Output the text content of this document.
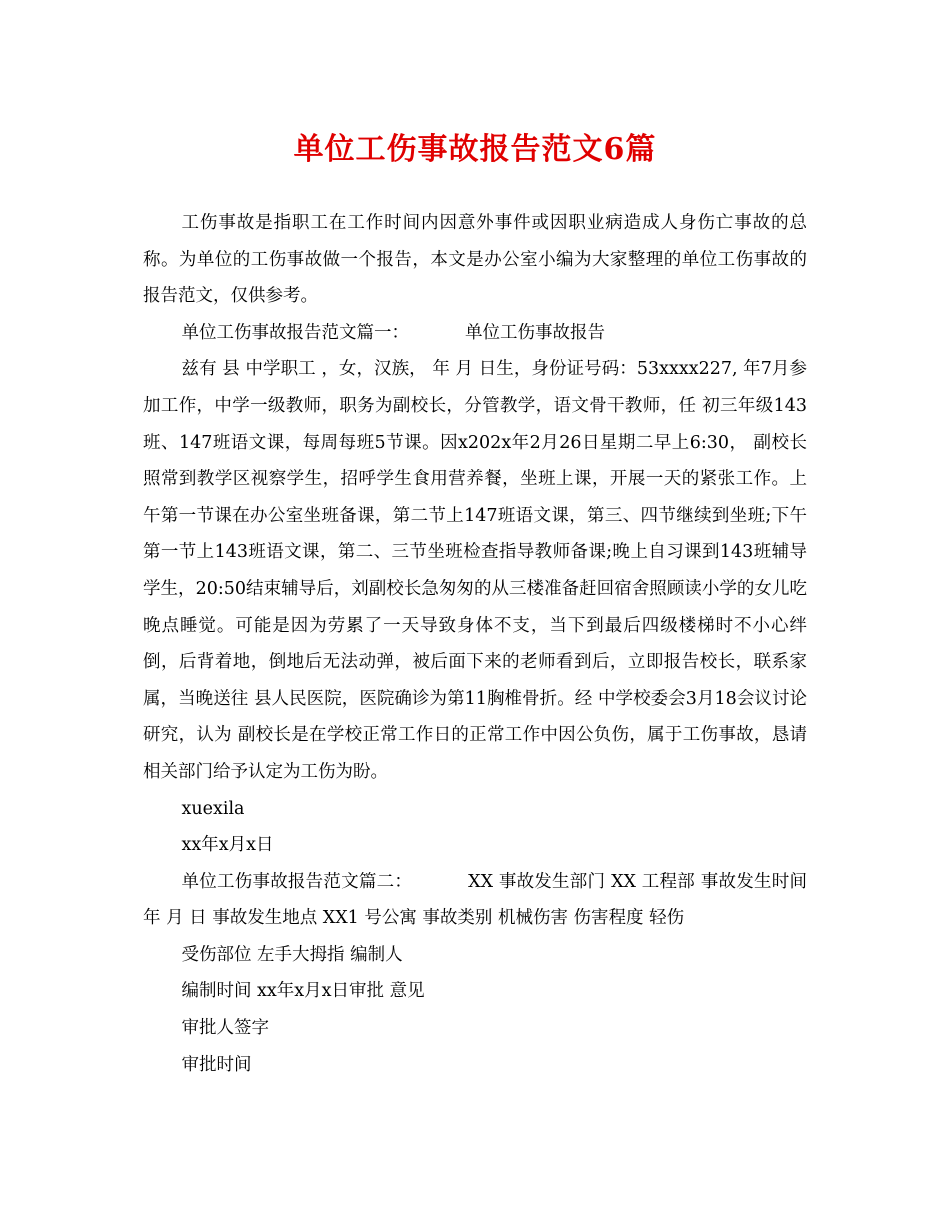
单位工伤事故报告范文6篇

工伤事故是指职工在工作时间内因意外事件或因职业病造成人身伤亡事故的总称。为单位的工伤事故做一个报告，本文是办公室小编为大家整理的单位工伤事故的报告范文，仅供参考。

单位工伤事故报告范文篇一：	单位工伤事故报告

兹有 县 中学职工 ，女，汉族， 年 月 日生，身份证号码：53xxxx227, 年7月参加工作，中学一级教师，职务为副校长，分管教学，语文骨干教师，任 初三年级143班、147班语文课，每周每班5节课。因x202x年2月26日星期二早上6:30， 副校长照常到教学区视察学生，招呼学生食用营养餐，坐班上课，开展一天的紧张工作。上午第一节课在办公室坐班备课，第二节上147班语文课，第三、四节继续到坐班;下午第一节上143班语文课，第二、三节坐班检查指导教师备课;晚上自习课到143班辅导学生，20:50结束辅导后，刘副校长急匆匆的从三楼准备赶回宿舍照顾读小学的女儿吃晚点睡觉。可能是因为劳累了一天导致身体不支，当下到最后四级楼梯时不小心绊倒，后背着地，倒地后无法动弹，被后面下来的老师看到后，立即报告校长，联系家属，当晚送往 县人民医院，医院确诊为第11胸椎骨折。经 中学校委会3月18会议讨论研究，认为 副校长是在学校正常工作日的正常工作中因公负伤，属于工伤事故，恳请相关部门给予认定为工伤为盼。

xuexila

xx年x月x日

单位工伤事故报告范文篇二：	XX 事故发生部门 XX 工程部 事故发生时间 年 月 日 事故发生地点 XX1 号公寓 事故类别 机械伤害 伤害程度 轻伤

受伤部位 左手大拇指 编制人

编制时间 xx年x月x日审批 意见

审批人签字

审批时间
